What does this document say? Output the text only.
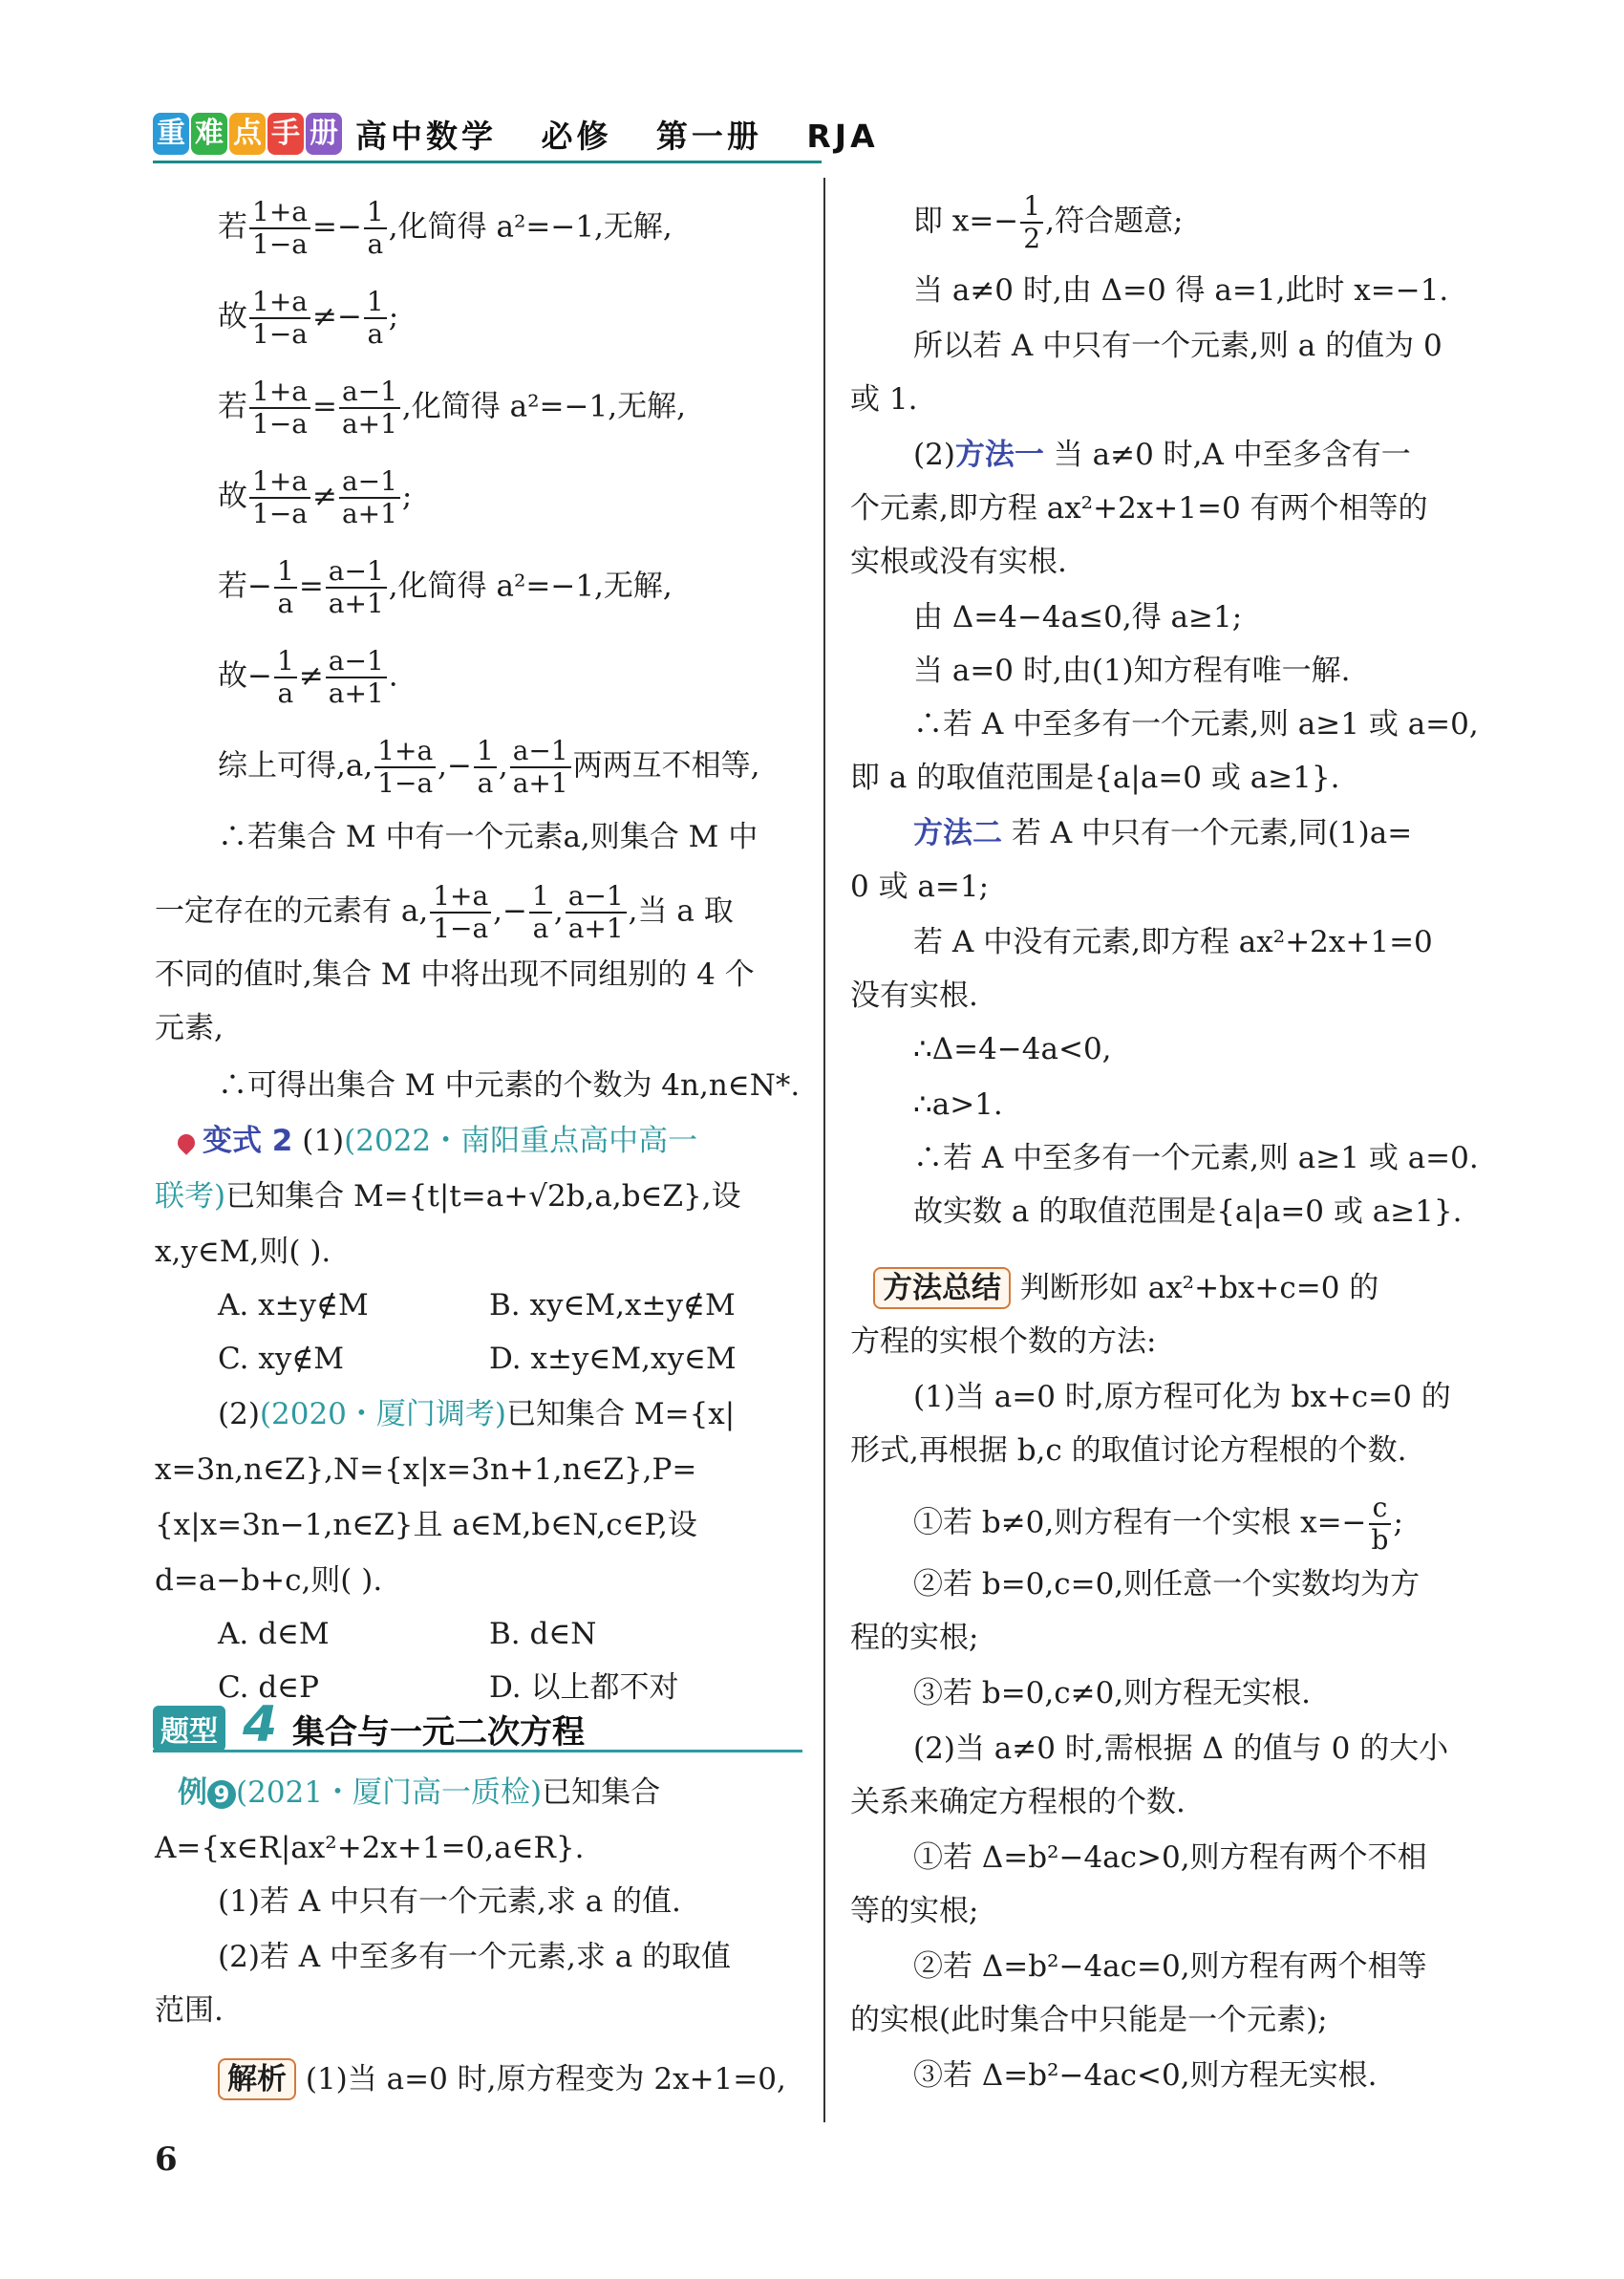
重 难 点 手 册 高中数学   必修   第一册   RJA
若 $\frac{1+a}{1-a} =- \frac{1}{a}$ ,化简得 a²=−1,无解,
故 $\frac{1+a}{1-a} \ne- \frac{1}{a}$ ;
若 $\frac{1+a}{1-a} = \frac{a-1}{a+1}$ ,化简得 a²=−1,无解,
故 $\frac{1+a}{1-a} \ne \frac{a-1}{a+1}$ ;
若− $\frac{1}{a} = \frac{a-1}{a+1}$ ,化简得 a²=−1,无解,
故− $\frac{1}{a} \ne \frac{a-1}{a+1}$ .
综上可得,a, $\frac{1+a}{1-a}$ ,− $\frac{1}{a}$ , $\frac{a-1}{a+1}$ 两两互不相等,
∴若集合 M 中有一个元素a,则集合 M 中
一定存在的元素有 a, $\frac{1+a}{1-a}$ ,− $\frac{1}{a}$ , $\frac{a-1}{a+1}$ ,当 a 取
不同的值时,集合 M 中将出现不同组别的 4 个
元素,
∴可得出集合 M 中元素的个数为 4n,n∈N*.
变式 2 (1)(2022・南阳重点高中高一
联考)已知集合 M={t|t=a+√2b,a,b∈Z},设
x,y∈M,则( ).
A. x±y∉M	B. xy∈M,x±y∉M
C. xy∉M	D. x±y∈M,xy∈M
(2)(2020・厦门调考)已知集合 M={x|
x=3n,n∈Z},N={x|x=3n+1,n∈Z},P=
{x|x=3n−1,n∈Z}且 a∈M,b∈N,c∈P,设
d=a−b+c,则( ).
A. d∈M	B. d∈N
C. d∈P	D. 以上都不对
题型 4 集合与一元二次方程
例 9 (2021・厦门高一质检)已知集合
A={x∈R|ax²+2x+1=0,a∈R}.
(1)若 A 中只有一个元素,求 a 的值.
(2)若 A 中至多有一个元素,求 a 的取值
范围.
解析 (1)当 a=0 时,原方程变为 2x+1=0,
即 $x=- \frac{1}{2}$ ,符合题意;
当 a≠0 时,由 Δ=0 得 a=1,此时 x=−1.
所以若 A 中只有一个元素,则 a 的值为 0
或 1.
(2)方法一 当 a≠0 时,A 中至多含有一
个元素,即方程 ax²+2x+1=0 有两个相等的
实根或没有实根.
由 Δ=4−4a≤0,得 a≥1;
当 a=0 时,由(1)知方程有唯一解.
∴若 A 中至多有一个元素,则 a≥1 或 a=0,
即 a 的取值范围是{a|a=0 或 a≥1}.
方法二 若 A 中只有一个元素,同(1)a=
0 或 a=1;
若 A 中没有元素,即方程 ax²+2x+1=0
没有实根.
∴Δ=4−4a<0,
∴a>1.
∴若 A 中至多有一个元素,则 a≥1 或 a=0.
故实数 a 的取值范围是{a|a=0 或 a≥1}.
方法总结 判断形如 ax²+bx+c=0 的
方程的实根个数的方法:
(1)当 a=0 时,原方程可化为 bx+c=0 的
形式,再根据 b,c 的取值讨论方程根的个数.
①若 b≠0,则方程有一个实根 $x=- \frac{c}{b}$ ;
②若 b=0,c=0,则任意一个实数均为方
程的实根;
③若 b=0,c≠0,则方程无实根.
(2)当 a≠0 时,需根据 Δ 的值与 0 的大小
关系来确定方程根的个数.
①若 Δ=b²−4ac>0,则方程有两个不相
等的实根;
②若 Δ=b²−4ac=0,则方程有两个相等
的实根(此时集合中只能是一个元素);
③若 Δ=b²−4ac<0,则方程无实根.
6
